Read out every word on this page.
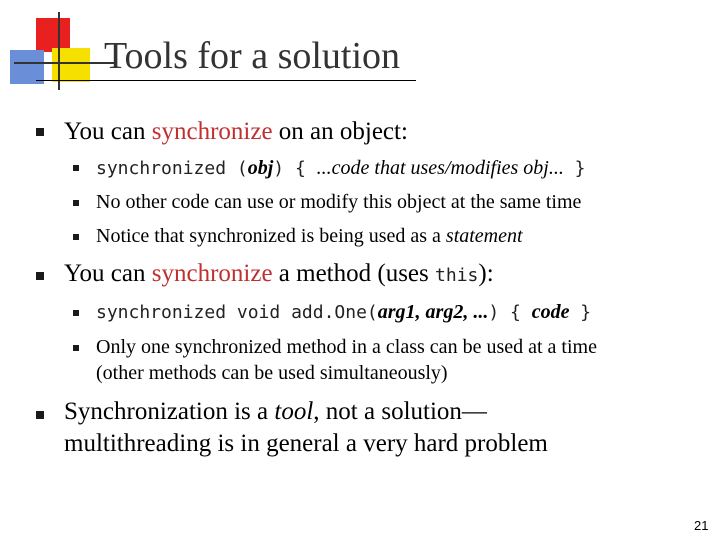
Tools for a solution
You can synchronize on an object:
synchronized (obj) { ...code that uses/modifies obj... }
No other code can use or modify this object at the same time
Notice that synchronized is being used as a statement
You can synchronize a method (uses this):
synchronized void add.One(arg1, arg2, ...) { code }
Only one synchronized method in a class can be used at a time
(other methods can be used simultaneously)
Synchronization is a tool, not a solution—
multithreading is in general a very hard problem
21
